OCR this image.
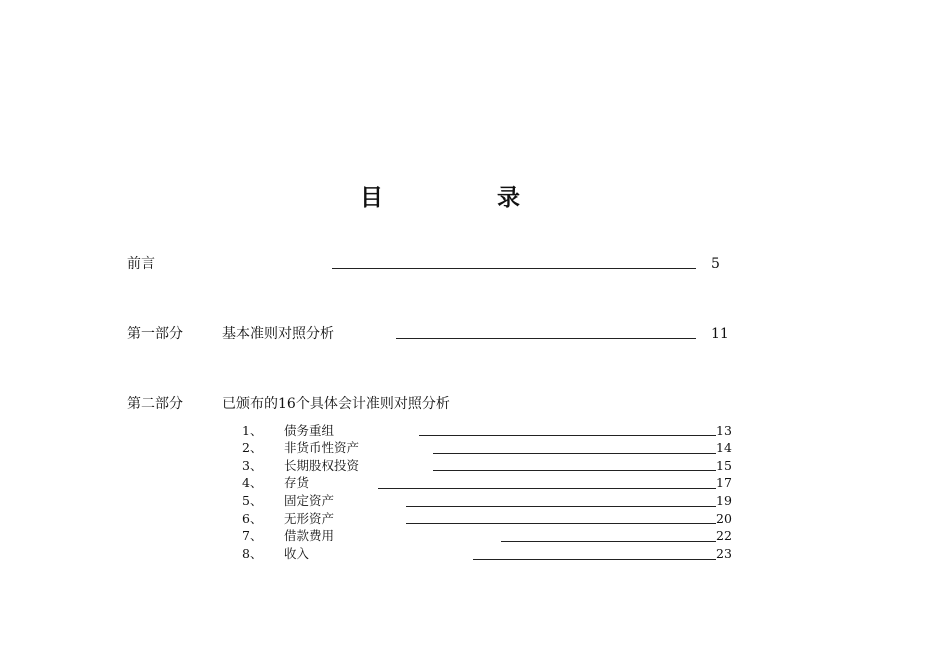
目	录
前言	5
第一部分	基本准则对照分析	11
第二部分	已颁布的16个具体会计准则对照分析
1、 债务重组	13
2、 非货币性资产	14
3、 长期股权投资	15
4、 存货	17
5、 固定资产	19
6、 无形资产	20
7、 借款费用	22
8、 收入	23
